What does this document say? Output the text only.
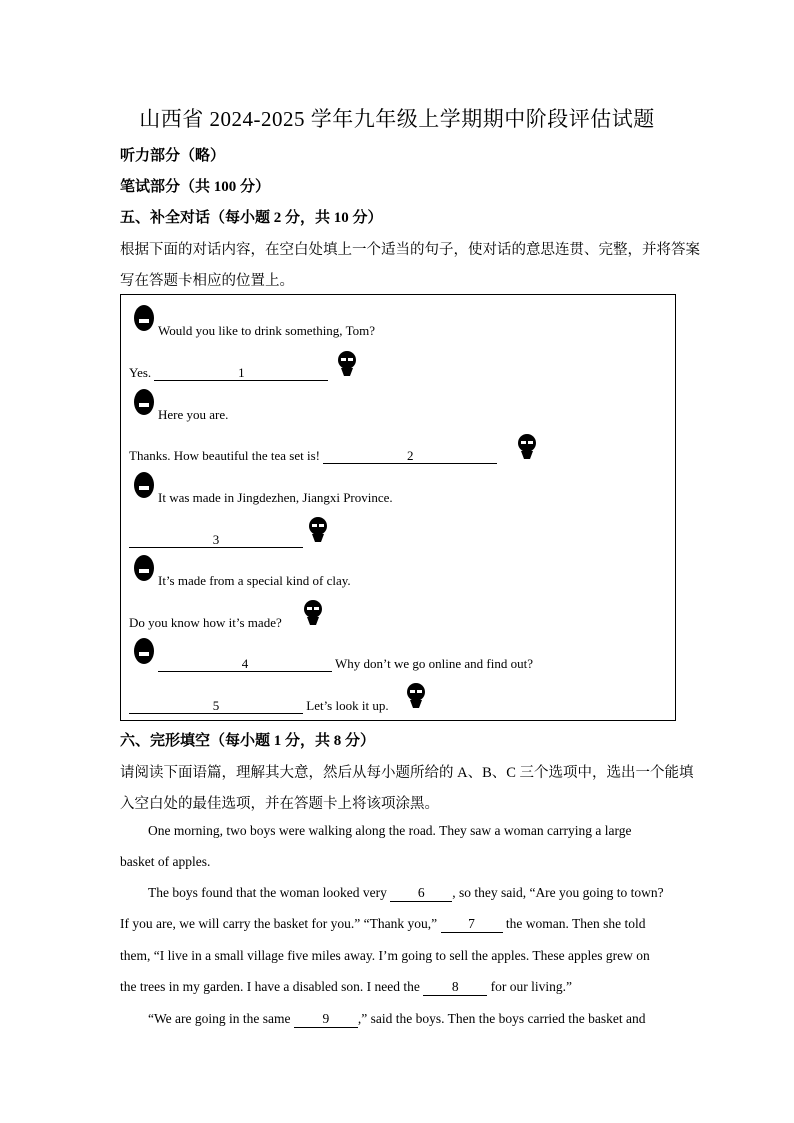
山西省 2024-2025 学年九年级上学期期中阶段评估试题
听力部分（略）
笔试部分（共 100 分）
五、补全对话（每小题 2 分，共 10 分）
根据下面的对话内容，在空白处填上一个适当的句子，使对话的意思连贯、完整，并将答案
写在答题卡相应的位置上。
Would you like to drink something, Tom?
Yes.	1
Here you are.
Thanks. How beautiful the tea set is!	2
It was made in Jingdezhen, Jiangxi Province.
3
It’s made from a special kind of clay.
Do you know how it’s made?
4	Why don’t we go online and find out?
5	Let’s look it up.
六、完形填空（每小题 1 分，共 8 分）
请阅读下面语篇，理解其大意，然后从每小题所给的 A、B、C 三个选项中，选出一个能填
入空白处的最佳选项，并在答题卡上将该项涂黑。
One morning, two boys were walking along the road. They saw a woman carrying a large
basket of apples.
The boys found that the woman looked very 6 , so they said, “Are you going to town?
If you are, we will carry the basket for you.” “Thank you,” 7 the woman. Then she told
them, “I live in a small village five miles away. I’m going to sell the apples. These apples grew on
the trees in my garden. I have a disabled son. I need the 8 for our living.”
“We are going in the same 9 ,” said the boys. Then the boys carried the basket and
